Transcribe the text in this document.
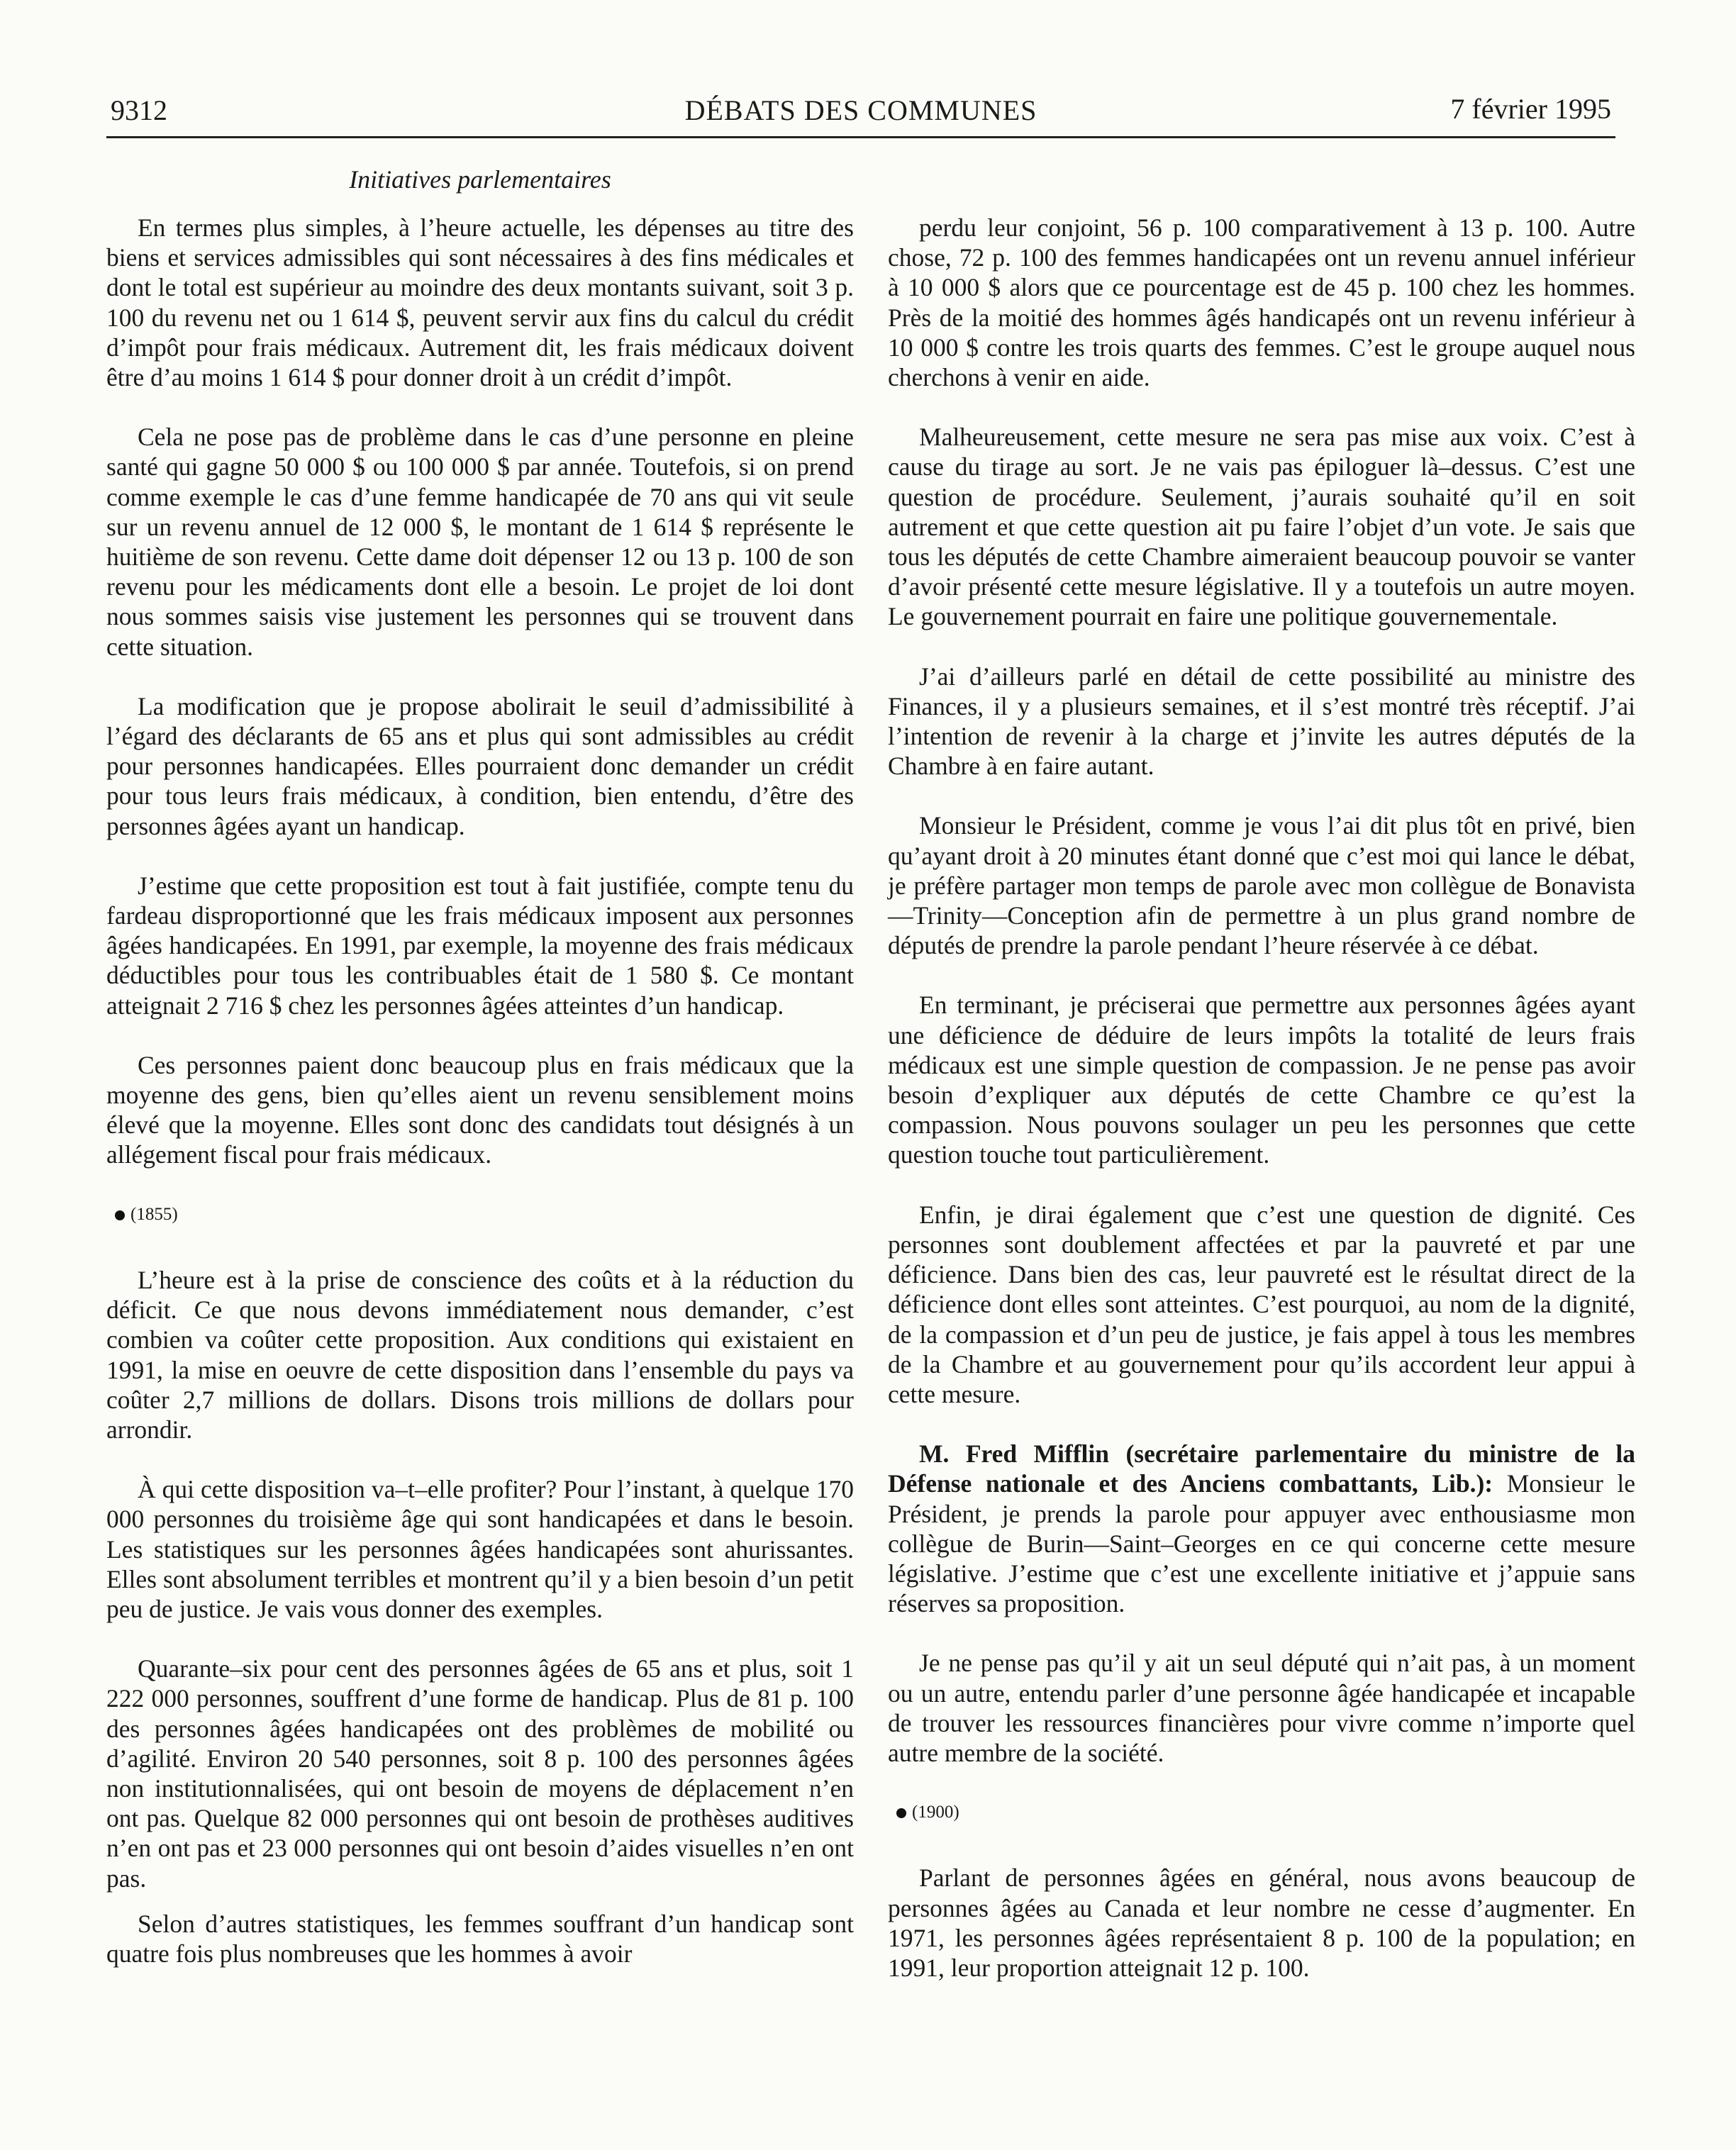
9312	DÉBATS DES COMMUNES	7 février 1995
Initiatives parlementaires

En termes plus simples, à l’heure actuelle, les dépenses au titre des biens et services admissibles qui sont nécessaires à des fins médicales et dont le total est supérieur au moindre des deux montants suivant, soit 3 p. 100 du revenu net ou 1 614 $, peuvent servir aux fins du calcul du crédit d’impôt pour frais médicaux. Autrement dit, les frais médicaux doivent être d’au moins 1 614 $ pour donner droit à un crédit d’impôt.

Cela ne pose pas de problème dans le cas d’une personne en pleine santé qui gagne 50 000 $ ou 100 000 $ par année. Toutefois, si on prend comme exemple le cas d’une femme handicapée de 70 ans qui vit seule sur un revenu annuel de 12 000 $, le montant de 1 614 $ représente le huitième de son revenu. Cette dame doit dépenser 12 ou 13 p. 100 de son revenu pour les médicaments dont elle a besoin. Le projet de loi dont nous sommes saisis vise justement les personnes qui se trouvent dans cette situation.

La modification que je propose abolirait le seuil d’admissibilité à l’égard des déclarants de 65 ans et plus qui sont admissibles au crédit pour personnes handicapées. Elles pourraient donc demander un crédit pour tous leurs frais médicaux, à condition, bien entendu, d’être des personnes âgées ayant un handicap.

J’estime que cette proposition est tout à fait justifiée, compte tenu du fardeau disproportionné que les frais médicaux imposent aux personnes âgées handicapées. En 1991, par exemple, la moyenne des frais médicaux déductibles pour tous les contribuables était de 1 580 $. Ce montant atteignait 2 716 $ chez les personnes âgées atteintes d’un handicap.

Ces personnes paient donc beaucoup plus en frais médicaux que la moyenne des gens, bien qu’elles aient un revenu sensiblement moins élevé que la moyenne. Elles sont donc des candidats tout désignés à un allégement fiscal pour frais médicaux.

(1855)

L’heure est à la prise de conscience des coûts et à la réduction du déficit. Ce que nous devons immédiatement nous demander, c’est combien va coûter cette proposition. Aux conditions qui existaient en 1991, la mise en oeuvre de cette disposition dans l’ensemble du pays va coûter 2,7 millions de dollars. Disons trois millions de dollars pour arrondir.

À qui cette disposition va–t–elle profiter? Pour l’instant, à quelque 170 000 personnes du troisième âge qui sont handicapées et dans le besoin. Les statistiques sur les personnes âgées handicapées sont ahurissantes. Elles sont absolument terribles et montrent qu’il y a bien besoin d’un petit peu de justice. Je vais vous donner des exemples.

Quarante–six pour cent des personnes âgées de 65 ans et plus, soit 1 222 000 personnes, souffrent d’une forme de handicap. Plus de 81 p. 100 des personnes âgées handicapées ont des problèmes de mobilité ou d’agilité. Environ 20 540 personnes, soit 8 p. 100 des personnes âgées non institutionnalisées, qui ont besoin de moyens de déplacement n’en ont pas. Quelque 82 000 personnes qui ont besoin de prothèses auditives n’en ont pas et 23 000 personnes qui ont besoin d’aides visuelles n’en ont pas.

Selon d’autres statistiques, les femmes souffrant d’un handicap sont quatre fois plus nombreuses que les hommes à avoir

perdu leur conjoint, 56 p. 100 comparativement à 13 p. 100. Autre chose, 72 p. 100 des femmes handicapées ont un revenu annuel inférieur à 10 000 $ alors que ce pourcentage est de 45 p. 100 chez les hommes. Près de la moitié des hommes âgés handicapés ont un revenu inférieur à 10 000 $ contre les trois quarts des femmes. C’est le groupe auquel nous cherchons à venir en aide.

Malheureusement, cette mesure ne sera pas mise aux voix. C’est à cause du tirage au sort. Je ne vais pas épiloguer là–dessus. C’est une question de procédure. Seulement, j’aurais souhaité qu’il en soit autrement et que cette question ait pu faire l’objet d’un vote. Je sais que tous les députés de cette Chambre aimeraient beaucoup pouvoir se vanter d’avoir présenté cette mesure législative. Il y a toutefois un autre moyen. Le gouvernement pourrait en faire une politique gouvernementale.

J’ai d’ailleurs parlé en détail de cette possibilité au ministre des Finances, il y a plusieurs semaines, et il s’est montré très réceptif. J’ai l’intention de revenir à la charge et j’invite les autres députés de la Chambre à en faire autant.

Monsieur le Président, comme je vous l’ai dit plus tôt en privé, bien qu’ayant droit à 20 minutes étant donné que c’est moi qui lance le débat, je préfère partager mon temps de parole avec mon collègue de Bonavista—Trinity—Conception afin de permettre à un plus grand nombre de députés de prendre la parole pendant l’heure réservée à ce débat.

En terminant, je préciserai que permettre aux personnes âgées ayant une déficience de déduire de leurs impôts la totalité de leurs frais médicaux est une simple question de compassion. Je ne pense pas avoir besoin d’expliquer aux députés de cette Chambre ce qu’est la compassion. Nous pouvons soulager un peu les personnes que cette question touche tout particulièrement.

Enfin, je dirai également que c’est une question de dignité. Ces personnes sont doublement affectées et par la pauvreté et par une déficience. Dans bien des cas, leur pauvreté est le résultat direct de la déficience dont elles sont atteintes. C’est pourquoi, au nom de la dignité, de la compassion et d’un peu de justice, je fais appel à tous les membres de la Chambre et au gouvernement pour qu’ils accordent leur appui à cette mesure.

M. Fred Mifflin (secrétaire parlementaire du ministre de la Défense nationale et des Anciens combattants, Lib.): Monsieur le Président, je prends la parole pour appuyer avec enthousiasme mon collègue de Burin—Saint–Georges en ce qui concerne cette mesure législative. J’estime que c’est une excellente initiative et j’appuie sans réserves sa proposition.

Je ne pense pas qu’il y ait un seul député qui n’ait pas, à un moment ou un autre, entendu parler d’une personne âgée handicapée et incapable de trouver les ressources financières pour vivre comme n’importe quel autre membre de la société.

(1900)

Parlant de personnes âgées en général, nous avons beaucoup de personnes âgées au Canada et leur nombre ne cesse d’augmenter. En 1971, les personnes âgées représentaient 8 p. 100 de la population; en 1991, leur proportion atteignait 12 p. 100.
